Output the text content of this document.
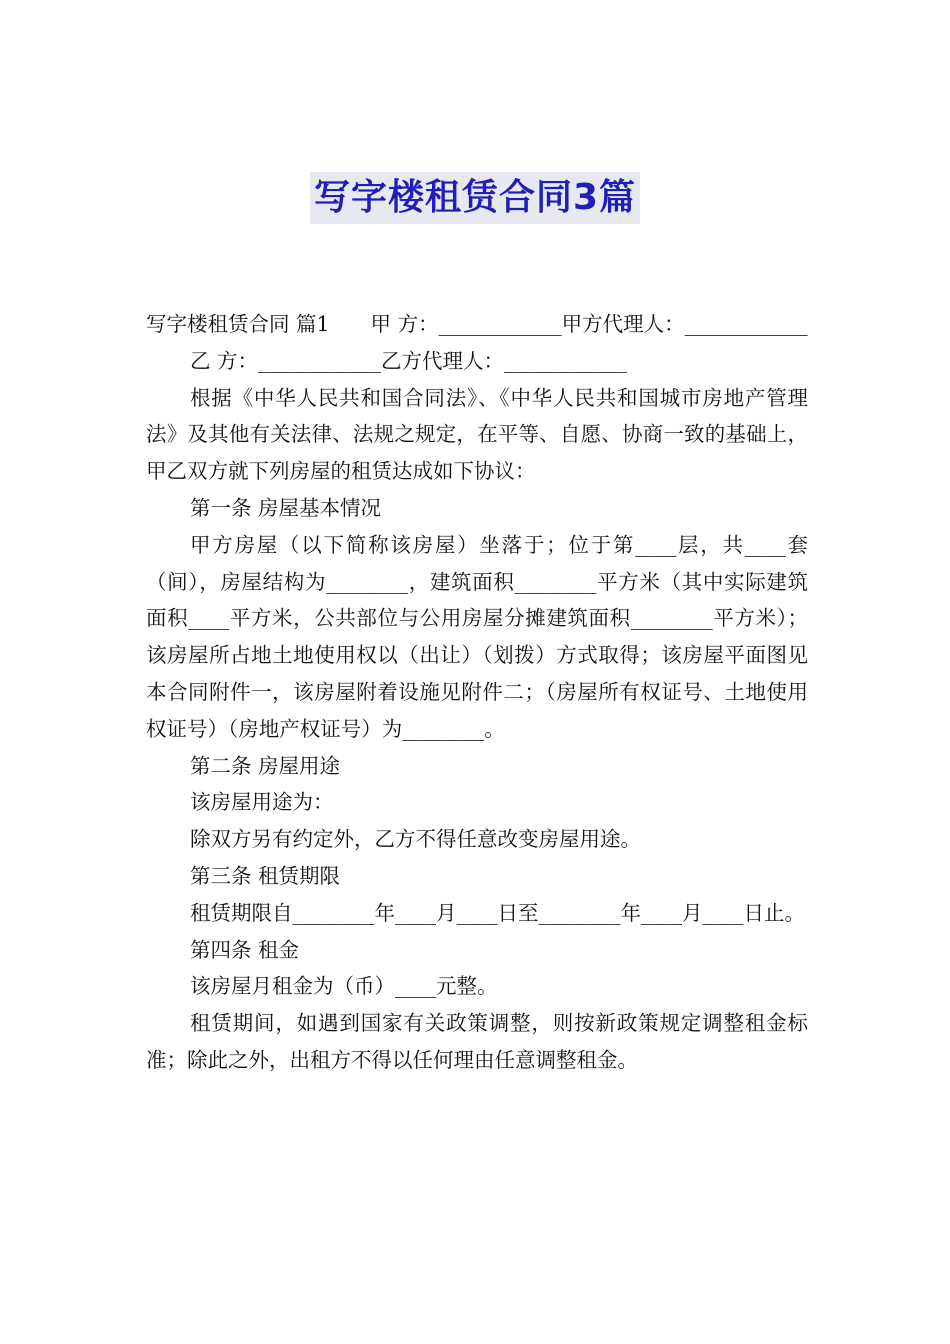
写字楼租赁合同3篇

写字楼租赁合同 篇1　　甲 方：____________甲方代理人：____________

乙 方：____________乙方代理人：____________

根据《中华人民共和国合同法》、《中华人民共和国城市房地产管理法》及其他有关法律、法规之规定，在平等、自愿、协商一致的基础上，甲乙双方就下列房屋的租赁达成如下协议：

第一条 房屋基本情况

甲方房屋（以下简称该房屋）坐落于；位于第____层，共____套（间），房屋结构为________，建筑面积________平方米（其中实际建筑面积____平方米，公共部位与公用房屋分摊建筑面积________平方米）；该房屋所占地土地使用权以（出让）（划拨）方式取得；该房屋平面图见本合同附件一，该房屋附着设施见附件二；（房屋所有权证号、土地使用权证号）（房地产权证号）为________。

第二条 房屋用途

该房屋用途为：

除双方另有约定外，乙方不得任意改变房屋用途。

第三条 租赁期限

租赁期限自________年____月____日至________年____月____日止。

第四条 租金

该房屋月租金为（币）____元整。

租赁期间，如遇到国家有关政策调整，则按新政策规定调整租金标准；除此之外，出租方不得以任何理由任意调整租金。
